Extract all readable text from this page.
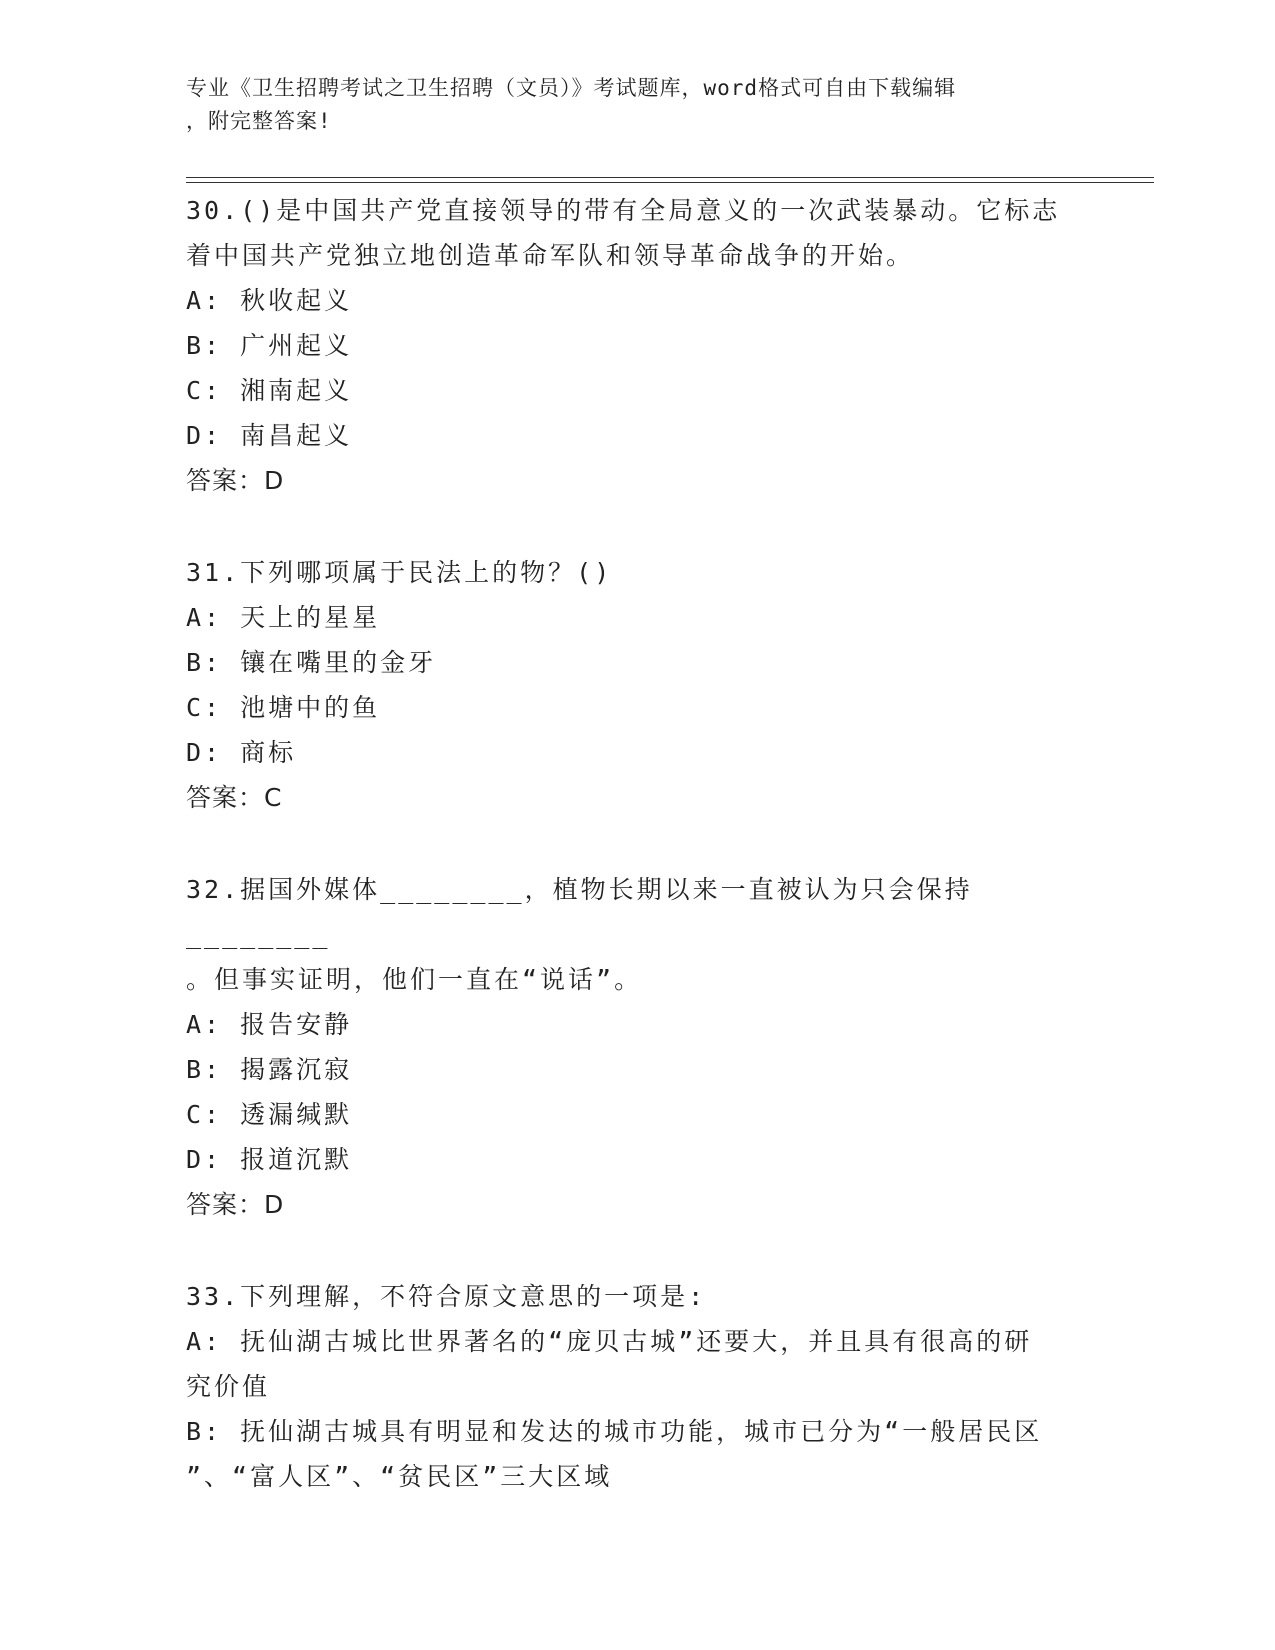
专业《卫生招聘考试之卫生招聘（文员）》考试题库，word格式可自由下载编辑
，附完整答案!
30.()是中国共产党直接领导的带有全局意义的一次武装暴动。它标志
着中国共产党独立地创造革命军队和领导革命战争的开始。
A: 秋收起义
B: 广州起义
C: 湘南起义
D: 南昌起义
答案：D
31.下列哪项属于民法上的物？()
A: 天上的星星
B: 镶在嘴里的金牙
C: 池塘中的鱼
D: 商标
答案：C
32.据国外媒体________，植物长期以来一直被认为只会保持________
。但事实证明，他们一直在“说话”。
A: 报告安静
B: 揭露沉寂
C: 透漏缄默
D: 报道沉默
答案：D
33.下列理解，不符合原文意思的一项是:
A: 抚仙湖古城比世界著名的“庞贝古城”还要大，并且具有很高的研
究价值
B: 抚仙湖古城具有明显和发达的城市功能，城市已分为“一般居民区
”、“富人区”、“贫民区”三大区域
